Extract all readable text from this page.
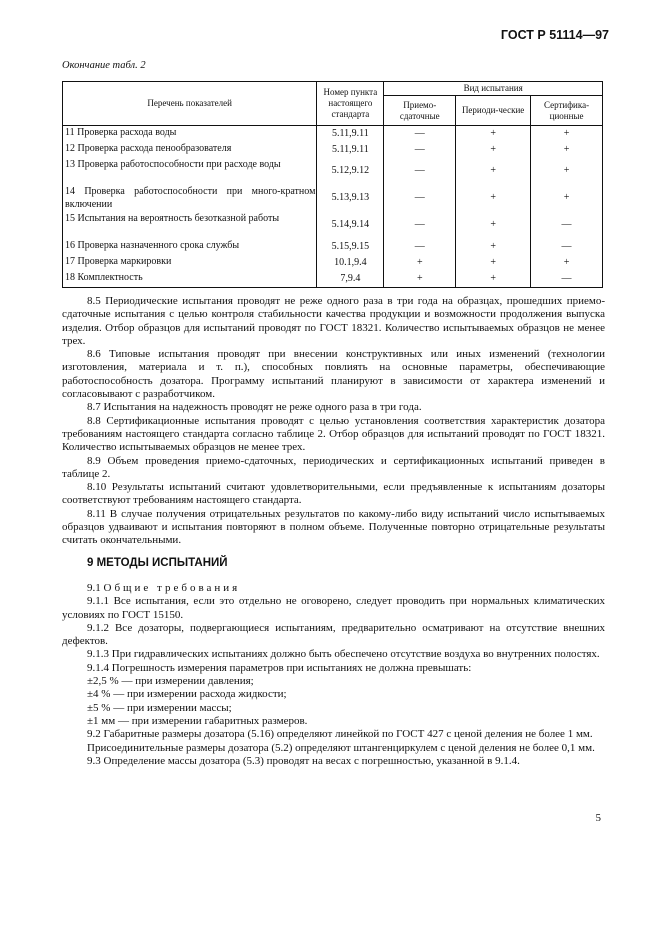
ГОСТ Р 51114—97
Окончание табл. 2
Перечень показателей	Номер пункта настоящего стандарта	Вид испытания		
		Приемо-сдаточные	Периоди-ческие	Сертифика-ционные

11 Проверка расхода воды	5.11,9.11	—	+	+

12 Проверка расхода пенообразователя	5.11,9.11	—	+	+

13 Проверка работоспособности при расходе воды	5.12,9.12	—	+	+

14 Проверка работоспособности при много-кратном включении	5.13,9.13	—	+	+

15 Испытания на вероятность безотказной работы	5.14,9.14	—	+	—

16 Проверка назначенного срока службы	5.15,9.15	—	+	—

17 Проверка маркировки	10.1,9.4	+	+	+

18 Комплектность	7,9.4	+	+	—

8.5 Периодические испытания проводят не реже одного раза в три года на образцах, прошедших приемо-сдаточные испытания с целью контроля стабильности качества продукции и возможности продолжения выпуска изделия. Отбор образцов для испытаний проводят по ГОСТ 18321. Количество испытываемых образцов не менее трех.

8.6 Типовые испытания проводят при внесении конструктивных или иных изменений (технологии изготовления, материала и т. п.), способных повлиять на основные параметры, обеспечивающие работоспособность дозатора. Программу испытаний планируют в зависимости от характера изменений и согласовывают с разработчиком.

8.7 Испытания на надежность проводят не реже одного раза в три года.

8.8 Сертификационные испытания проводят с целью установления соответствия характеристик дозатора требованиям настоящего стандарта согласно таблице 2. Отбор образцов для испытаний проводят по ГОСТ 18321. Количество испытываемых образцов не менее трех.

8.9 Объем проведения приемо-сдаточных, периодических и сертификационных испытаний приведен в таблице 2.

8.10 Результаты испытаний считают удовлетворительными, если предъявленные к испытаниям дозаторы соответствуют требованиям настоящего стандарта.

8.11 В случае получения отрицательных результатов по какому-либо виду испытаний число испытываемых образцов удваивают и испытания повторяют в полном объеме. Полученные повторно отрицательные результаты считать окончательными.

9 МЕТОДЫ ИСПЫТАНИЙ

9.1 Общие требования

9.1.1 Все испытания, если это отдельно не оговорено, следует проводить при нормальных климатических условиях по ГОСТ 15150.

9.1.2 Все дозаторы, подвергающиеся испытаниям, предварительно осматривают на отсутствие внешних дефектов.

9.1.3 При гидравлических испытаниях должно быть обеспечено отсутствие воздуха во внутренних полостях.

9.1.4 Погрешность измерения параметров при испытаниях не должна превышать:

±2,5 % — при измерении давления;

±4 % — при измерении расхода жидкости;

±5 % — при измерении массы;

±1 мм — при измерении габаритных размеров.

9.2 Габаритные размеры дозатора (5.16) определяют линейкой по ГОСТ 427 с ценой деления не более 1 мм.

Присоединительные размеры дозатора (5.2) определяют штангенциркулем с ценой деления не более 0,1 мм.

9.3 Определение массы дозатора (5.3) проводят на весах с погрешностью, указанной в 9.1.4.

5
